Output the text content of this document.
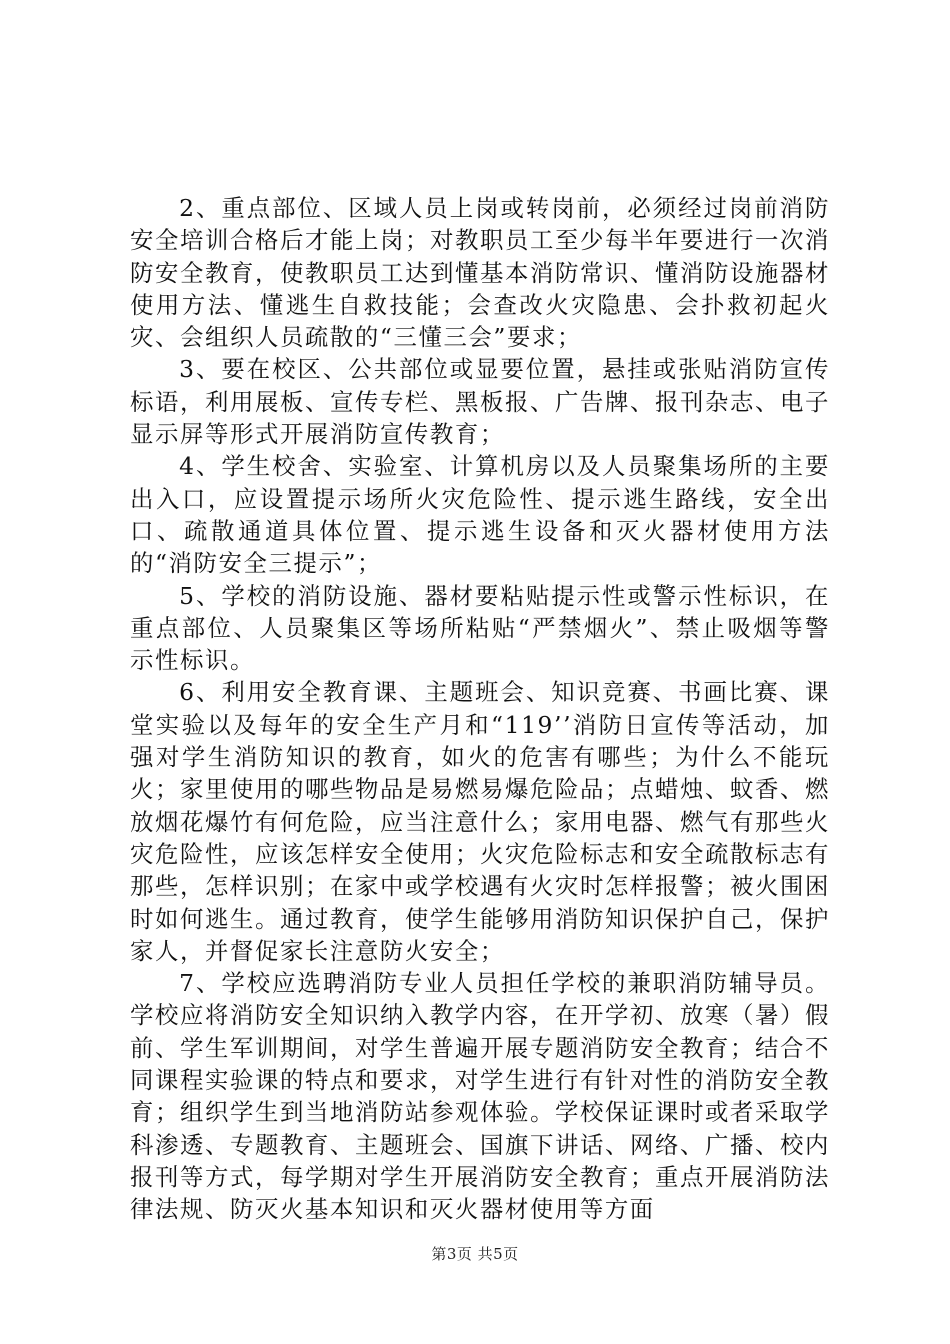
2、重点部位、区域人员上岗或转岗前，必须经过岗前消防安全培训合格后才能上岗；对教职员工至少每半年要进行一次消防安全教育，使教职员工达到懂基本消防常识、懂消防设施器材使用方法、懂逃生自救技能；会查改火灾隐患、会扑救初起火灾、会组织人员疏散的“三懂三会”要求；

3、要在校区、公共部位或显要位置，悬挂或张贴消防宣传标语，利用展板、宣传专栏、黑板报、广告牌、报刊杂志、电子显示屏等形式开展消防宣传教育；

4、学生校舍、实验室、计算机房以及人员聚集场所的主要出入口，应设置提示场所火灾危险性、提示逃生路线，安全出口、疏散通道具体位置、提示逃生设备和灭火器材使用方法的“消防安全三提示”；

5、学校的消防设施、器材要粘贴提示性或警示性标识，在重点部位、人员聚集区等场所粘贴“严禁烟火”、禁止吸烟等警示性标识。

6、利用安全教育课、主题班会、知识竞赛、书画比赛、课堂实验以及每年的安全生产月和“119’’消防日宣传等活动，加强对学生消防知识的教育，如火的危害有哪些；为什么不能玩火；家里使用的哪些物品是易燃易爆危险品；点蜡烛、蚊香、燃放烟花爆竹有何危险，应当注意什么；家用电器、燃气有那些火灾危险性，应该怎样安全使用；火灾危险标志和安全疏散标志有那些，怎样识别；在家中或学校遇有火灾时怎样报警；被火围困时如何逃生。通过教育，使学生能够用消防知识保护自己，保护家人，并督促家长注意防火安全；

7、学校应选聘消防专业人员担任学校的兼职消防辅导员。学校应将消防安全知识纳入教学内容，在开学初、放寒（暑）假前、学生军训期间，对学生普遍开展专题消防安全教育；结合不同课程实验课的特点和要求，对学生进行有针对性的消防安全教育；组织学生到当地消防站参观体验。学校保证课时或者采取学科渗透、专题教育、主题班会、国旗下讲话、网络、广播、校内报刊等方式，每学期对学生开展消防安全教育；重点开展消防法律法规、防灭火基本知识和灭火器材使用等方面

第3页 共5页
